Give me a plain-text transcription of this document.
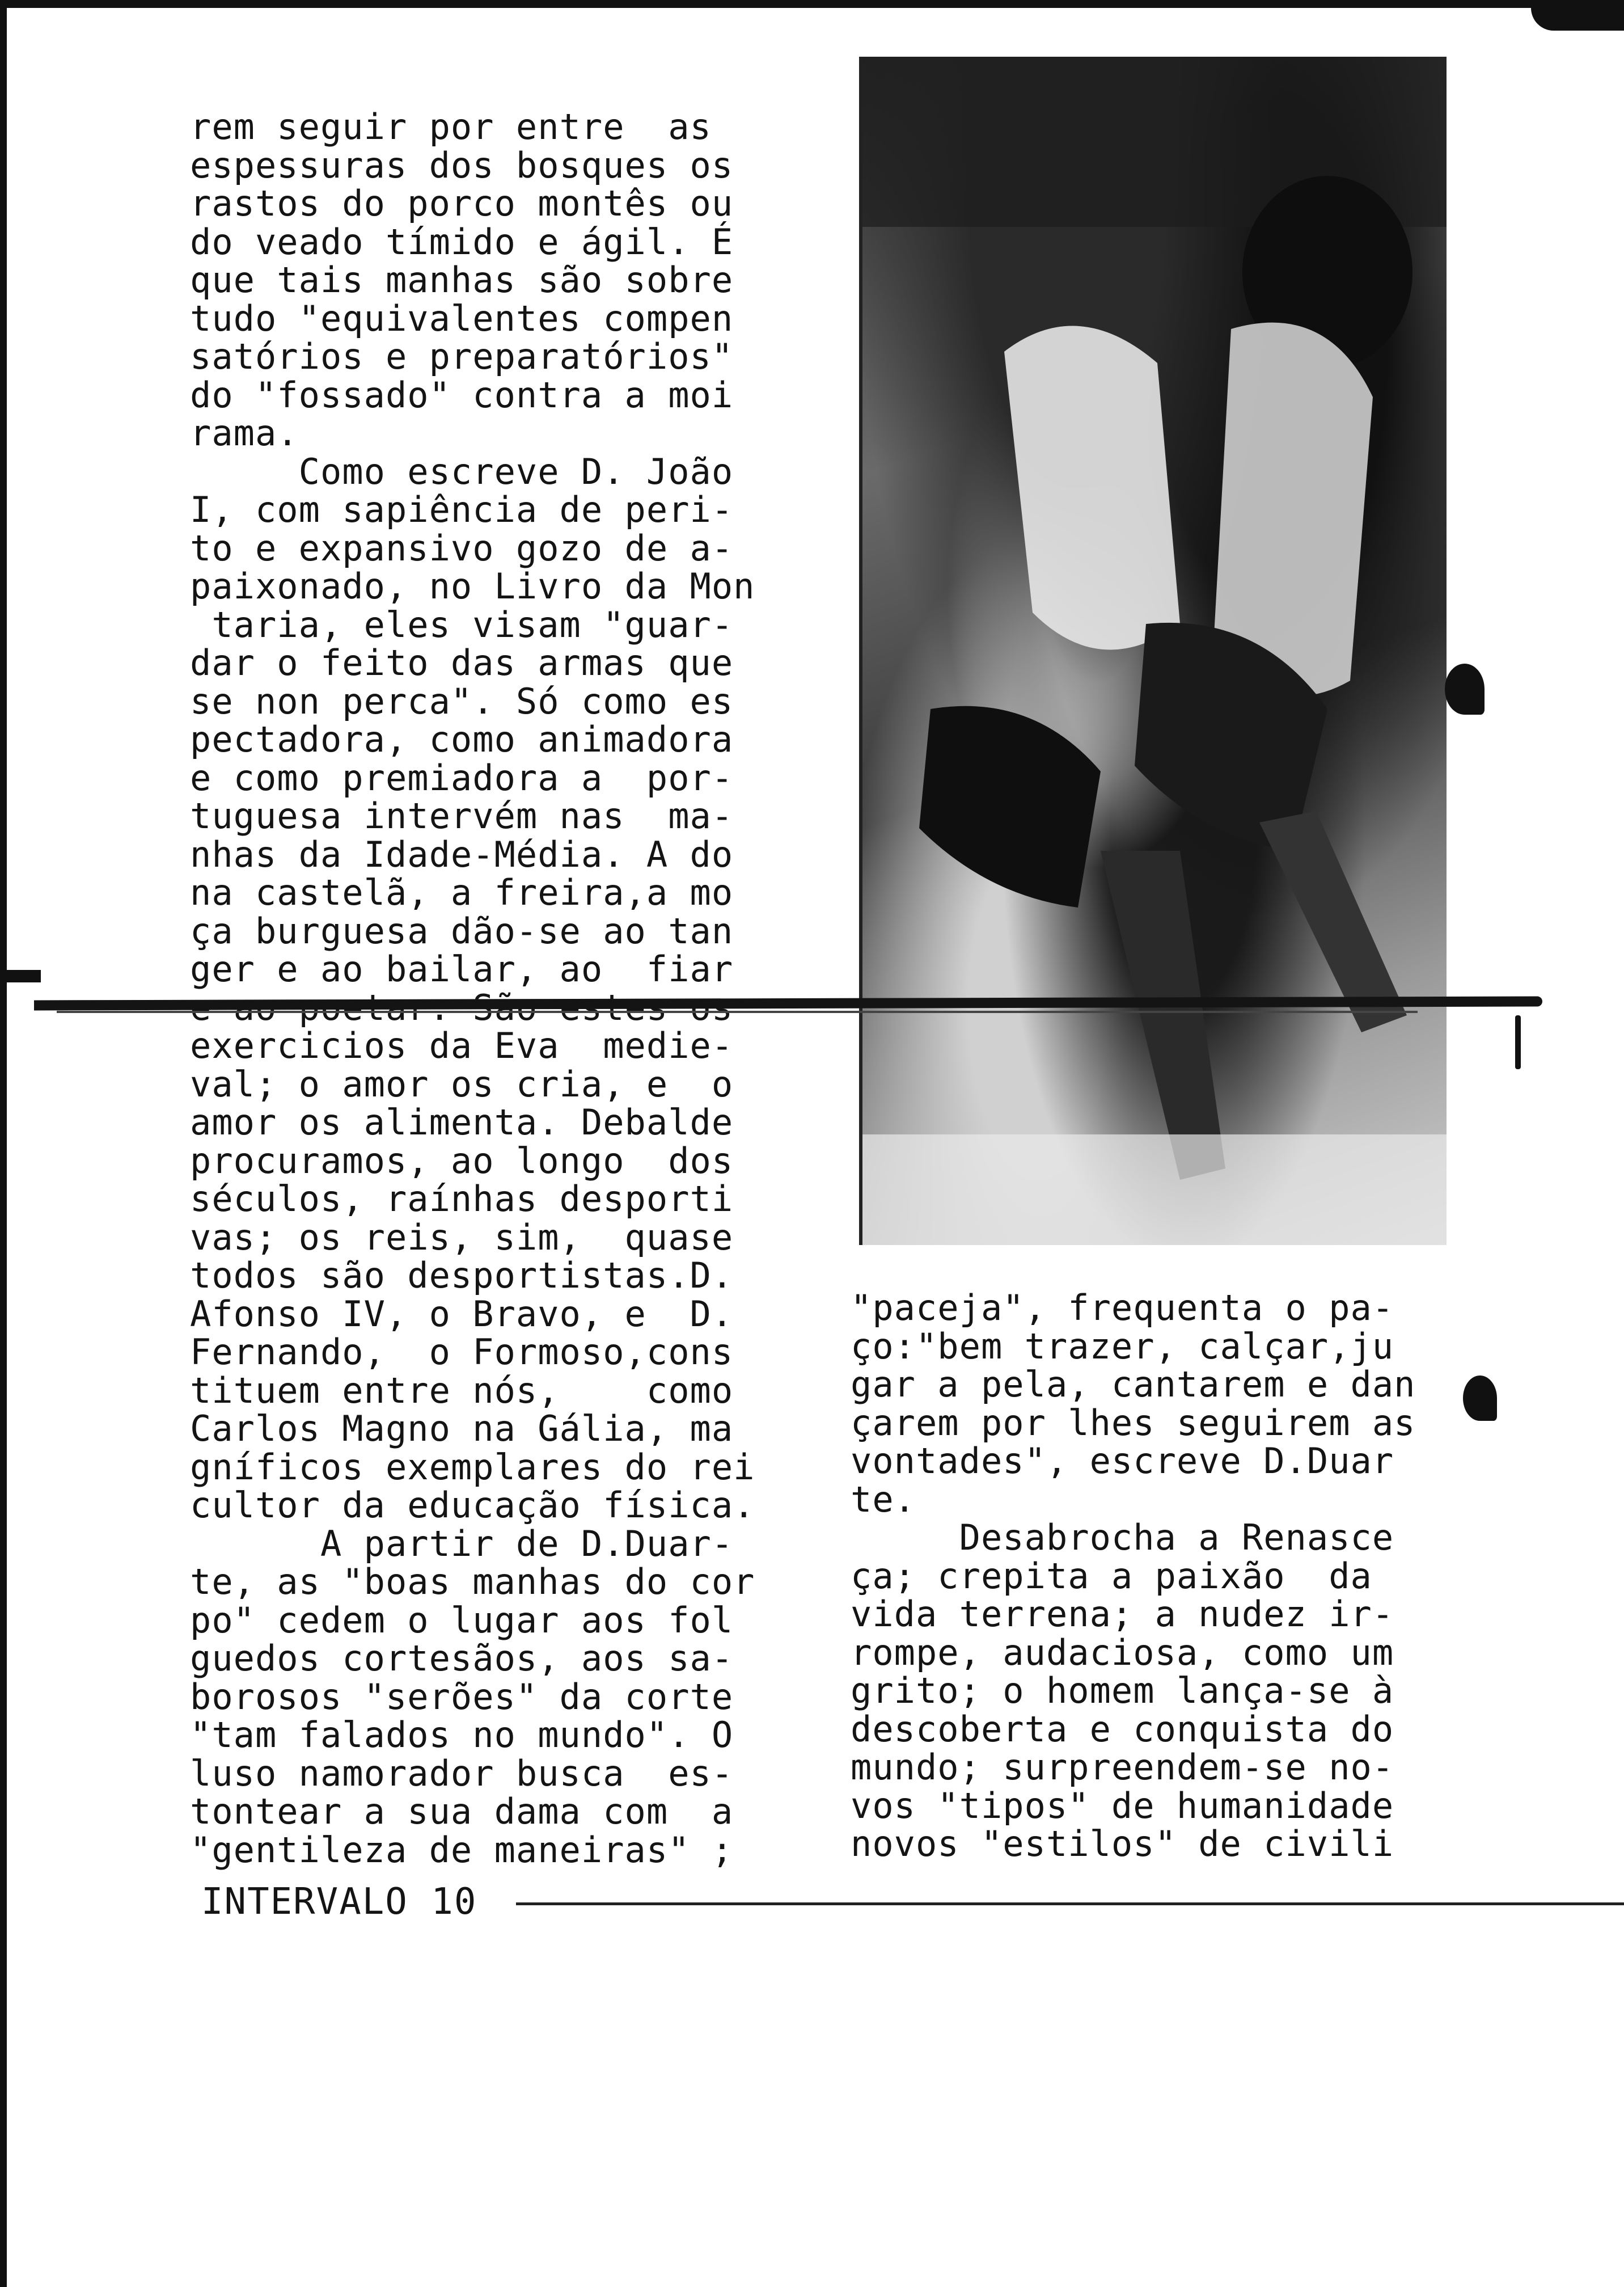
rem seguir por entre  as

espessuras dos bosques os

rastos do porco montês ou

do veado tímido e ágil. É

que tais manhas são sobre

tudo "equivalentes compen

satórios e preparatórios"

do "fossado" contra a moi

rama.

Como escreve D. João

I, com sapiência de peri-

to e expansivo gozo de a-

paixonado, no Livro da Mon

taria, eles visam "guar-

dar o feito das armas que

se non perca". Só como es

pectadora, como animadora

e como premiadora a  por-

tuguesa intervém nas  ma-

nhas da Idade-Média. A do

na castelã, a freira,a mo

ça burguesa dão-se ao tan

ger e ao bailar, ao  fiar

exercicios da Eva  medie-

val; o amor os cria, e  o

amor os alimenta. Debalde

procuramos, ao longo  dos

séculos, raínhas desporti

vas; os reis, sim,  quase

todos são desportistas.D.

Afonso IV, o Bravo, e  D.

Fernando,  o Formoso,cons

tituem entre nós,    como

Carlos Magno na Gália, ma

gníficos exemplares do rei

cultor da educação física.

A partir de D.Duar-

te, as "boas manhas do cor

po" cedem o lugar aos fol

guedos cortesãos, aos sa-

borosos "serões" da corte

"tam falados no mundo". O

luso namorador busca  es-

tontear a sua dama com  a

"gentileza de maneiras" ;

"paceja", frequenta o pa-

ço:"bem trazer, calçar,ju

gar a pela, cantarem e dan

çarem por lhes seguirem as

vontades", escreve D.Duar

te.

Desabrocha a Renasce

ça; crepita a paixão  da

vida terrena; a nudez ir-

rompe, audaciosa, como um

grito; o homem lança-se à

descoberta e conquista do

mundo; surpreendem-se no-

vos "tipos" de humanidade

novos "estilos" de civili

INTERVALO 10
